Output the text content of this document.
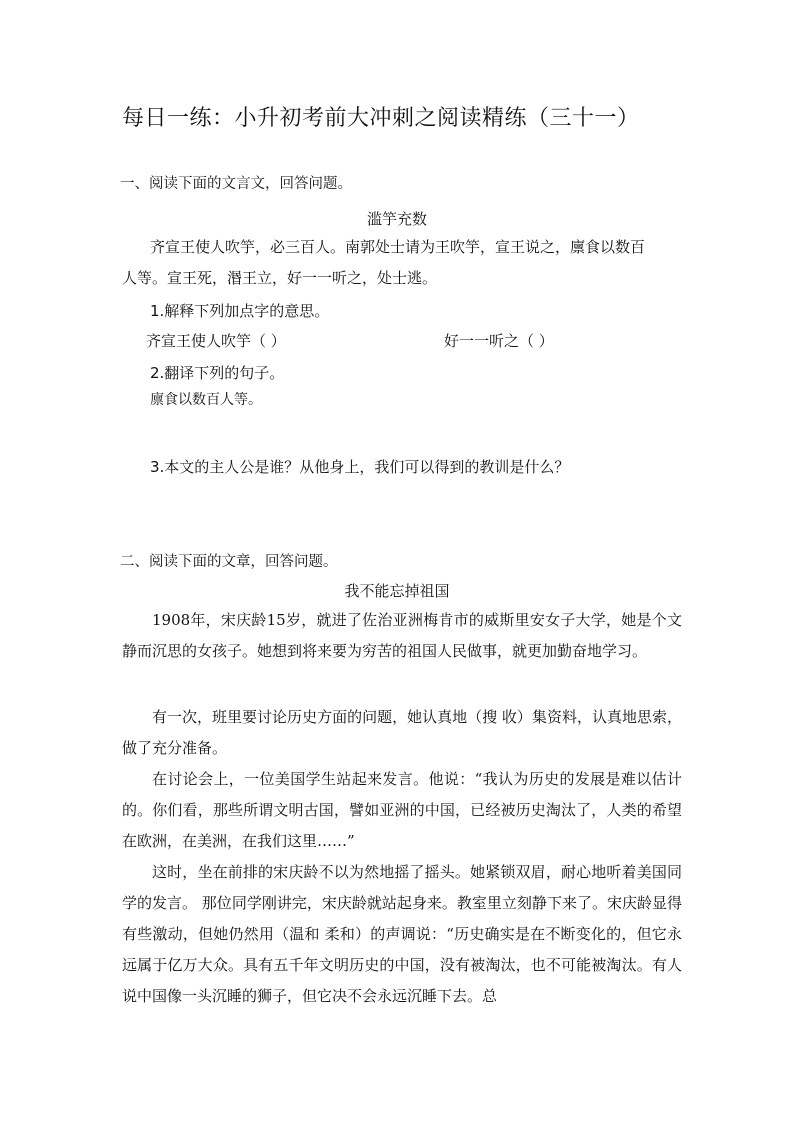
每日一练：小升初考前大冲刺之阅读精练（三十一）
一、阅读下面的文言文，回答问题。
滥竽充数
齐宣王使人吹竽，必三百人。南郭处士请为王吹竽，宣王说之，廪食以数百
人等。宣王死，湣王立，好一一听之，处士逃。
1.解释下列加点字的意思。
齐宣王使人吹竽（ ）	好一一听之（ ）
2.翻译下列的句子。
廪食以数百人等。
3.本文的主人公是谁？从他身上，我们可以得到的教训是什么？
二、阅读下面的文章，回答问题。
我不能忘掉祖国
1908年，宋庆龄15岁，就进了佐治亚洲梅肯市的威斯里安女子大学，她是个文静而沉思的女孩子。她想到将来要为穷苦的祖国人民做事，就更加勤奋地学习。
有一次，班里要讨论历史方面的问题，她认真地（搜 收）集资料，认真地思索，做了充分准备。
在讨论会上，一位美国学生站起来发言。他说：“我认为历史的发展是难以估计的。你们看，那些所谓文明古国，譬如亚洲的中国，已经被历史淘汰了，人类的希望在欧洲，在美洲，在我们这里……”
这时，坐在前排的宋庆龄不以为然地摇了摇头。她紧锁双眉，耐心地听着美国同学的发言。 那位同学刚讲完，宋庆龄就站起身来。教室里立刻静下来了。宋庆龄显得有些激动，但她仍然用（温和 柔和）的声调说：“历史确实是在不断变化的，但它永远属于亿万大众。具有五千年文明历史的中国，没有被淘汰，也不可能被淘汰。有人说中国像一头沉睡的狮子，但它决不会永远沉睡下去。总
